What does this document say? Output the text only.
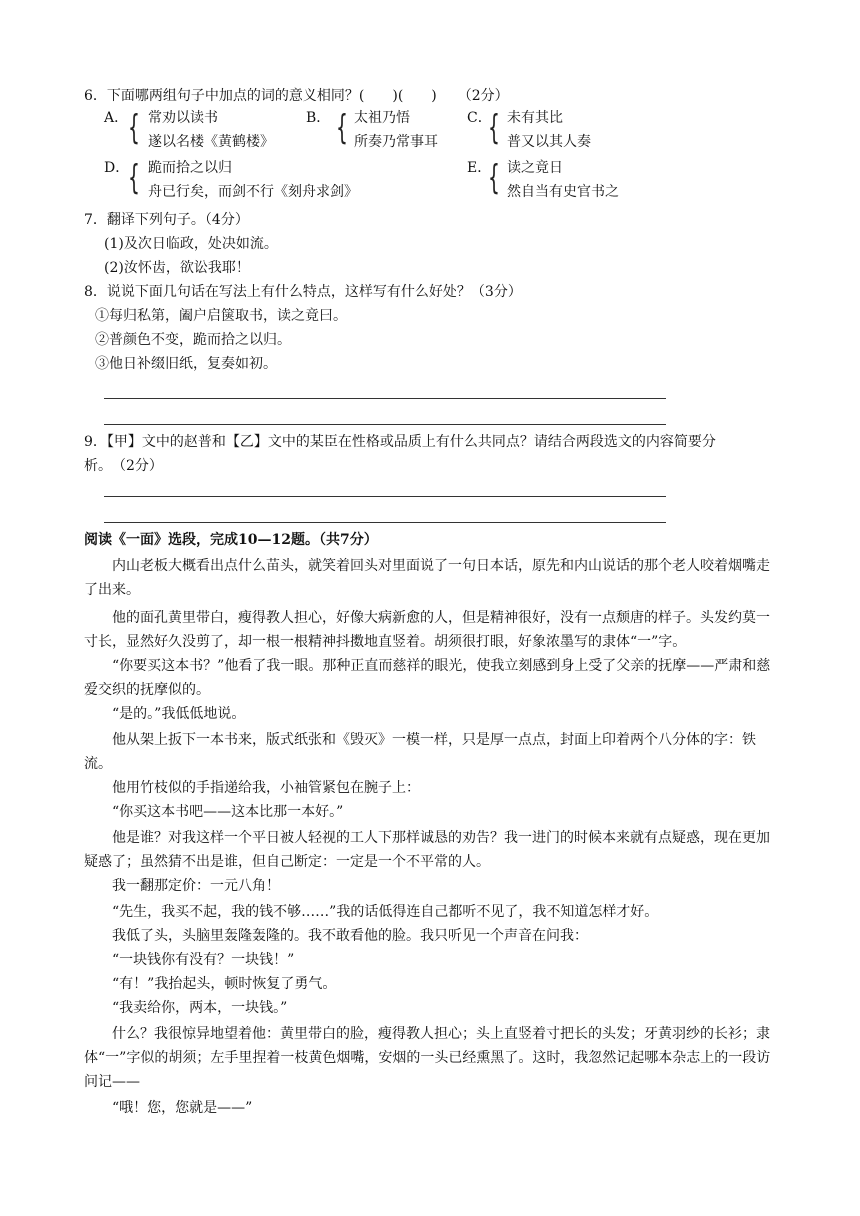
6．下面哪两组句子中加点的词的意义相同？(　　)(　　)　　（2分）
A． { 常劝以读书
遂以名楼《黄鹤楼》
B． { 太祖乃悟
所奏乃常事耳
C．
{ 未有其比
普又以其人奏
D．
{ 跪而拾之以归
舟已行矣，而剑不行《刻舟求剑》
E．
{ 读之竟日
然自当有史官书之
7．翻译下列句子。（4分）
(1)及次日临政，处决如流。
(2)汝怀齿，欲讼我耶！
8．说说下面几句话在写法上有什么特点，这样写有什么好处？（3分）
①每归私第，阖户启箧取书，读之竟曰。
②普颜色不变，跪而拾之以归。
③他日补缀旧纸，复奏如初。
9．【甲】文中的赵普和【乙】文中的某臣在性格或品质上有什么共同点？请结合两段选文的内容简要分
析。　（2分）
阅读《一面》选段，完成10—12题。（共7分）
内山老板大概看出点什么苗头，就笑着回头对里面说了一句日本话，原先和内山说话的那个老人咬着烟嘴走了出来。
他的面孔黄里带白，瘦得教人担心，好像大病新愈的人，但是精神很好，没有一点颓唐的样子。头发约莫一寸长，显然好久没剪了，却一根一根精神抖擞地直竖着。胡须很打眼，好象浓墨写的隶体“一”字。
“你要买这本书？”他看了我一眼。那种正直而慈祥的眼光，使我立刻感到身上受了父亲的抚摩——严肃和慈爱交织的抚摩似的。
“是的。”我低低地说。
他从架上扳下一本书来，版式纸张和《毁灭》一模一样，只是厚一点点，封面上印着两个八分体的字：铁流。
他用竹枝似的手指递给我，小袖管紧包在腕子上：
“你买这本书吧——这本比那一本好。”
他是谁？对我这样一个平日被人轻视的工人下那样诚恳的劝告？我一进门的时候本来就有点疑惑，现在更加疑惑了；虽然猜不出是谁，但自己断定：一定是一个不平常的人。
我一翻那定价：一元八角！
“先生，我买不起，我的钱不够……”我的话低得连自己都听不见了，我不知道怎样才好。
我低了头，头脑里轰隆轰隆的。我不敢看他的脸。我只听见一个声音在问我：
“一块钱你有没有？一块钱！”
“有！”我抬起头，顿时恢复了勇气。
“我卖给你，两本，一块钱。”
什么？我很惊异地望着他：黄里带白的脸，瘦得教人担心；头上直竖着寸把长的头发；牙黄羽纱的长衫；隶体“一”字似的胡须；左手里捏着一枝黄色烟嘴，安烟的一头已经熏黑了。这时，我忽然记起哪本杂志上的一段访问记——
“哦！您，您就是——”
